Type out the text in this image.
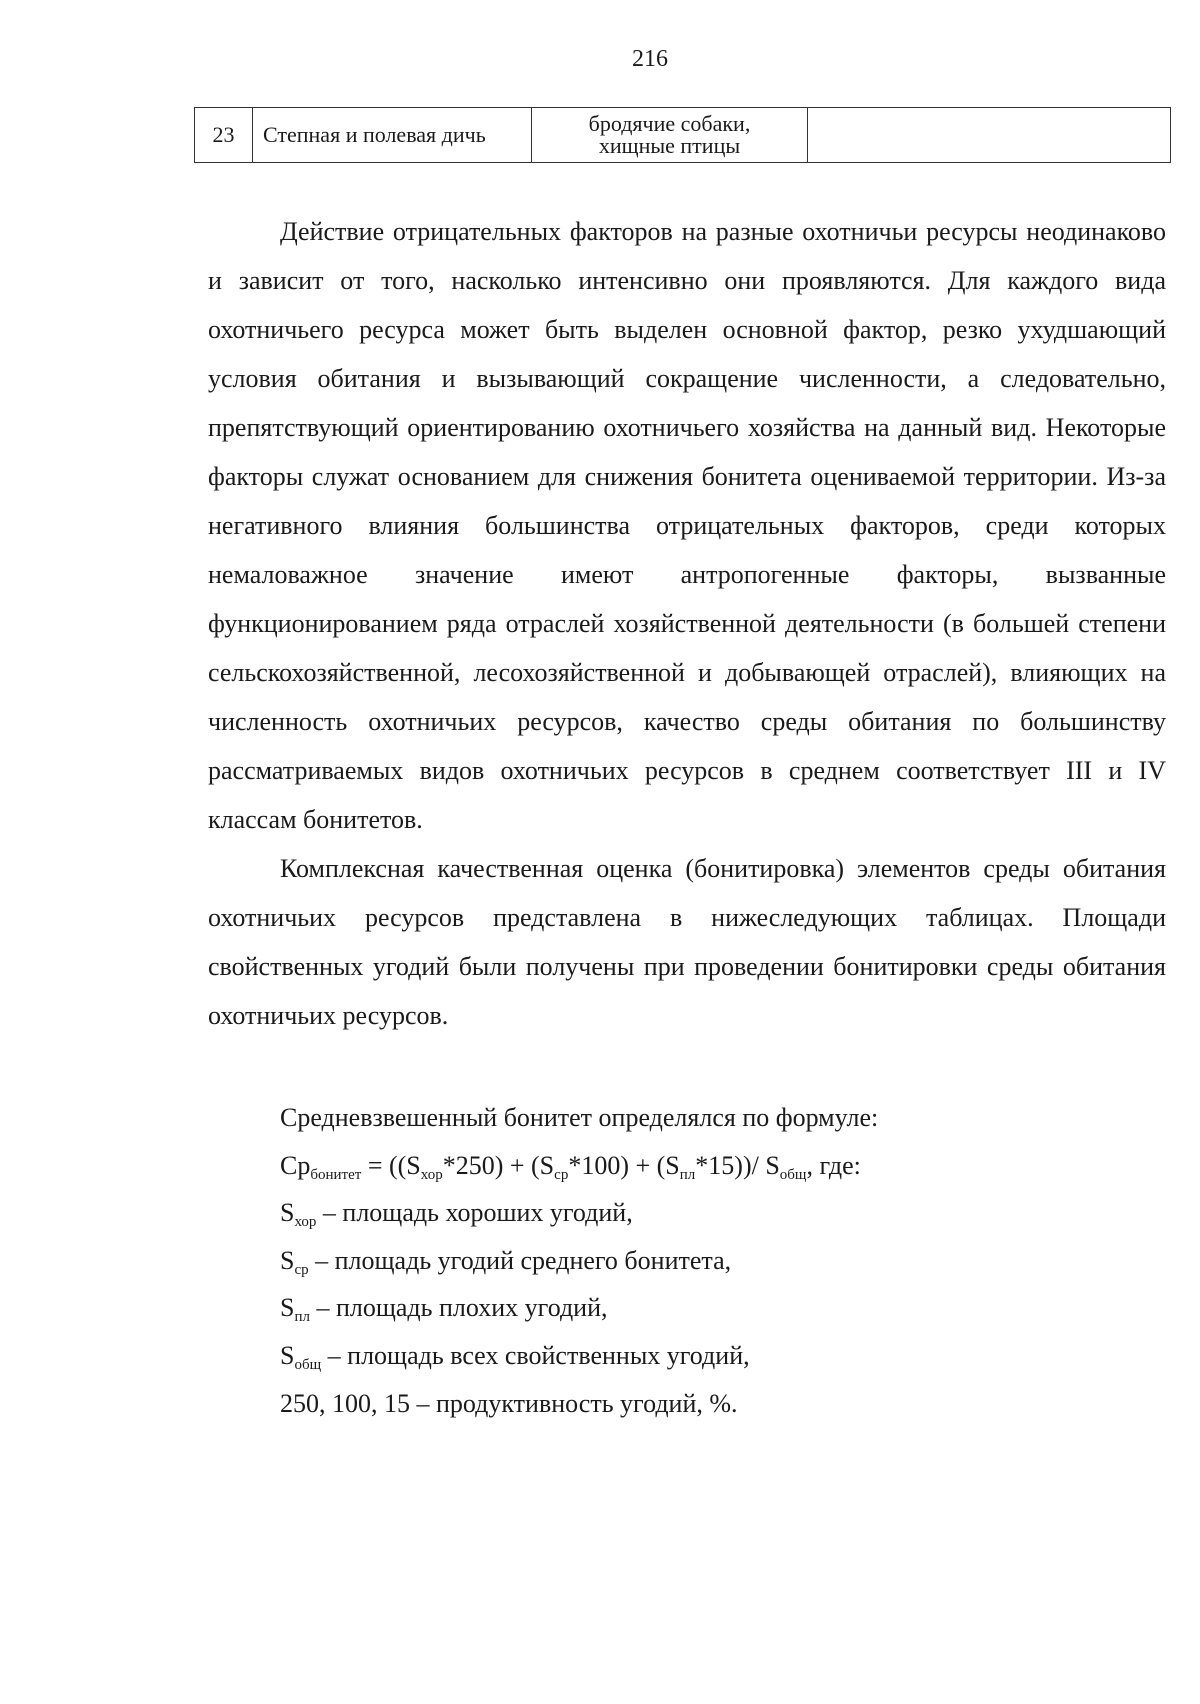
216
23	Степная и полевая дичь	бродячие собаки,
хищные птицы	

Действие отрицательных факторов на разные охотничьи ресурсы неодинаково и зависит от того, насколько интенсивно они проявляются. Для каждого вида охотничьего ресурса может быть выделен основной фактор, резко ухудшающий условия обитания и вызывающий сокращение численности, а следовательно, препятствующий ориентированию охотничьего хозяйства на данный вид. Некоторые факторы служат основанием для снижения бонитета оцениваемой территории. Из-за негативного влияния большинства отрицательных факторов, среди которых немаловажное значение имеют антропогенные факторы, вызванные функционированием ряда отраслей хозяйственной деятельности (в большей степени сельскохозяйственной, лесохозяйственной и добывающей отраслей), влияющих на численность охотничьих ресурсов, качество среды обитания по большинству рассматриваемых видов охотничьих ресурсов в среднем соответствует III и IV классам бонитетов.

Комплексная качественная оценка (бонитировка) элементов среды обитания охотничьих ресурсов представлена в нижеследующих таблицах. Площади свойственных угодий были получены при проведении бонитировки среды обитания охотничьих ресурсов.

Средневзвешенный бонитет определялся по формуле:
$Ср_{бонитет} = ((S_{хор}*250) + (S_{ср}*100) + (S_{пл}*15))/$ $S_{общ}$, где:
$S_{хор}$ – площадь хороших угодий,
$S_{ср}$ – площадь угодий среднего бонитета,
$S_{пл}$ – площадь плохих угодий,
$S_{общ}$ – площадь всех свойственных угодий,
250, 100, 15 – продуктивность угодий, %.
